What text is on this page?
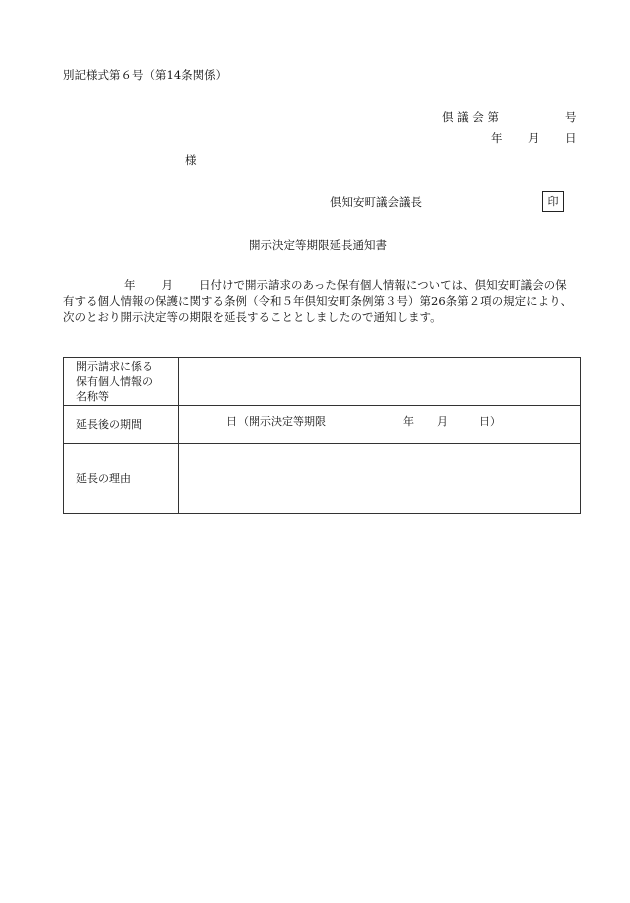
別記様式第６号（第14条関係）
倶 議 会 第	号
年 月 日
様
倶知安町議会議長	印
開示決定等期限延長通知書
年 月 日付けで開示請求のあった保有個人情報については、倶知安町議会の保
有する個人情報の保護に関する条例（令和５年倶知安町条例第３号）第26条第２項の規定により、
次のとおり開示決定等の期限を延長することとしましたので通知します。
開示請求に係る
保有個人情報の
名称等	

延長後の期間	日 （開示決定等期限 年 月 日）

延長の理由	
